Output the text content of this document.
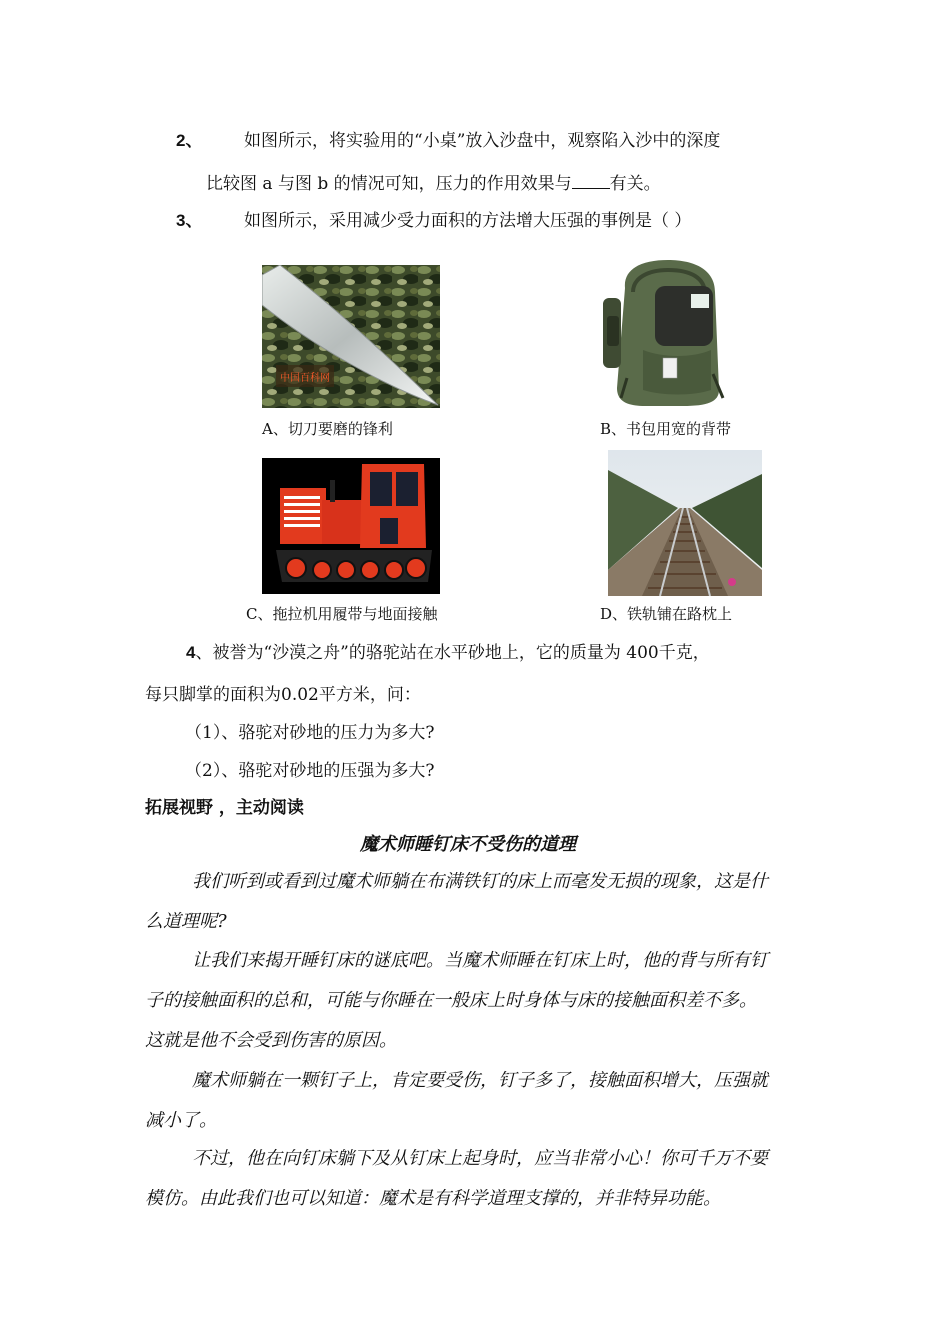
2、 如图所示，将实验用的“小桌”放入沙盘中，观察陷入沙中的深度
比较图 a 与图 b 的情况可知，压力的作用效果与 有关。
3、 如图所示，采用减少受力面积的方法增大压强的事例是（ ）
中国百科网
A、切刀要磨的锋利	B、书包用宽的背带
C、拖拉机用履带与地面接触	D、铁轨铺在路枕上
4、被誉为“沙漠之舟”的骆驼站在水平砂地上，它的质量为 400千克，
每只脚掌的面积为0.02平方米，问：
（1）、骆驼对砂地的压力为多大?
（2）、骆驼对砂地的压强为多大?
拓展视野 ，主动阅读
魔术师睡钉床不受伤的道理
我们听到或看到过魔术师躺在布满铁钉的床上而毫发无损的现象，这是什
么道理呢?
让我们来揭开睡钉床的谜底吧。当魔术师睡在钉床上时，他的背与所有钉
子的接触面积的总和，可能与你睡在一般床上时身体与床的接触面积差不多。
这就是他不会受到伤害的原因。
魔术师躺在一颗钉子上，肯定要受伤，钉子多了，接触面积增大，压强就
减小了。
不过，他在向钉床躺下及从钉床上起身时，应当非常小心！你可千万不要
模仿。由此我们也可以知道：魔术是有科学道理支撑的，并非特异功能。
